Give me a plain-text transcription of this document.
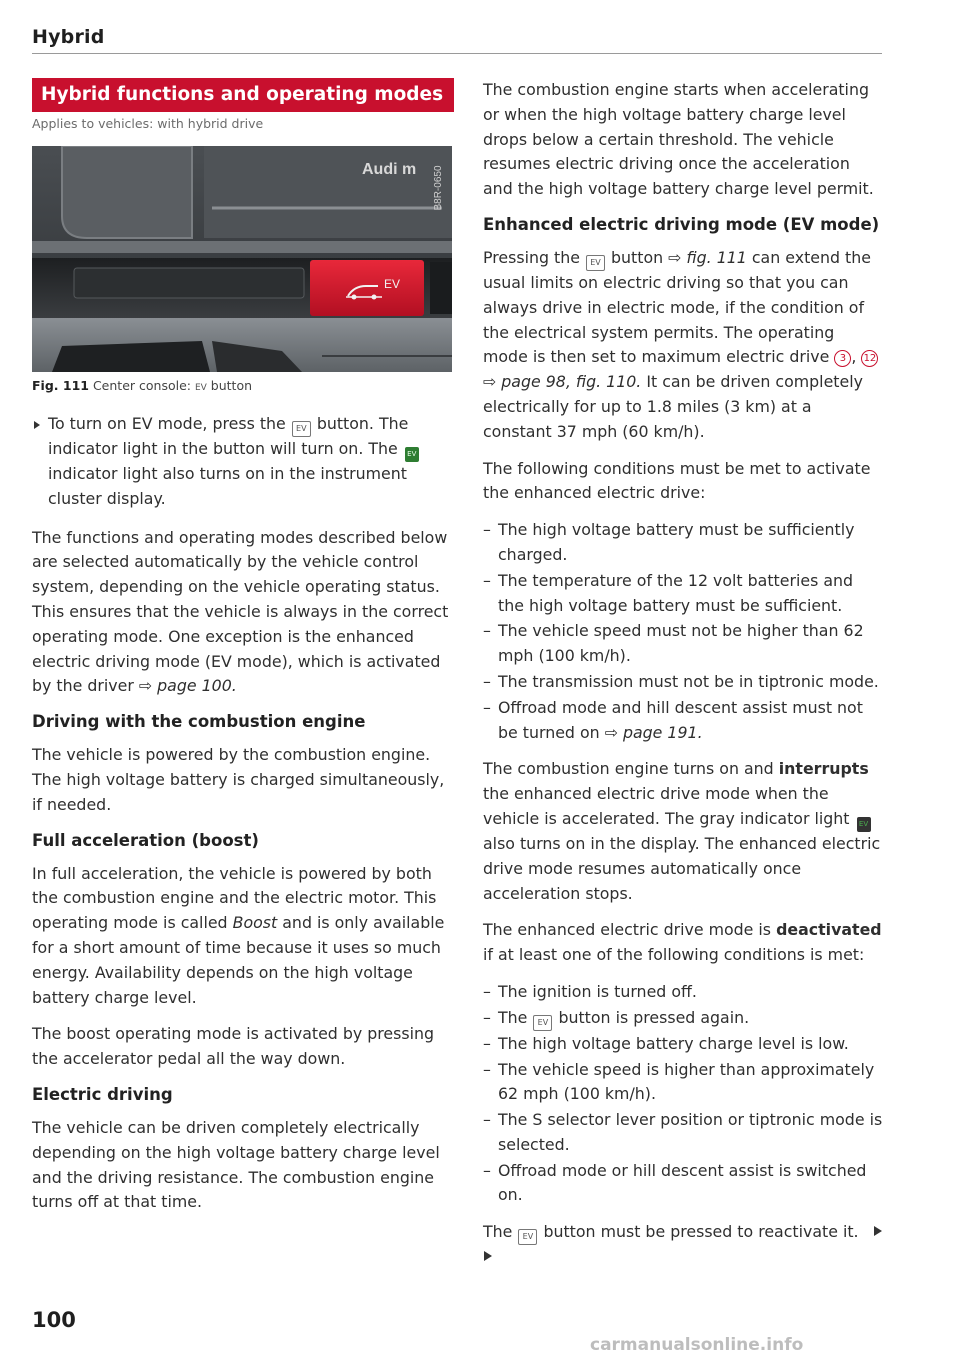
Hybrid
Hybrid functions and operating modes
Applies to vehicles: with hybrid drive
Audi m B8R-0650
EV
Fig. 111 Center console: EV button
To turn on EV mode, press the EV button. The indicator light in the button will turn on. The EV indicator light also turns on in the instrument cluster display.

The functions and operating modes described below are selected automatically by the vehicle control system, depending on the vehicle operating status. This ensures that the vehicle is always in the correct operating mode. One exception is the enhanced electric driving mode (EV mode), which is activated by the driver ⇨ page 100.

Driving with the combustion engine

The vehicle is powered by the combustion engine. The high voltage battery is charged simultaneously, if needed.

Full acceleration (boost)

In full acceleration, the vehicle is powered by both the combustion engine and the electric motor. This operating mode is called Boost and is only available for a short amount of time because it uses so much energy. Availability depends on the high voltage battery charge level.

The boost operating mode is activated by pressing the accelerator pedal all the way down.

Electric driving

The vehicle can be driven completely electrically depending on the high voltage battery charge level and the driving resistance. The combustion engine turns off at that time.

The combustion engine starts when accelerating or when the high voltage battery charge level drops below a certain threshold. The vehicle resumes electric driving once the acceleration and the high voltage battery charge level permit.

Enhanced electric driving mode (EV mode)

Pressing the EV button ⇨ fig. 111 can extend the usual limits on electric driving so that you can always drive in electric mode, if the condition of the electrical system permits. The operating mode is then set to maximum electric drive 3 , 12 ⇨ page 98, fig. 110. It can be driven completely electrically for up to 1.8 miles (3 km) at a constant 37 mph (60 km/h).

The following conditions must be met to activate the enhanced electric drive:

– The high voltage battery must be sufficiently charged.
– The temperature of the 12 volt batteries and the high voltage battery must be sufficient.
– The vehicle speed must not be higher than 62 mph (100 km/h).
– The transmission must not be in tiptronic mode.
– Offroad mode and hill descent assist must not be turned on ⇨ page 191.

The combustion engine turns on and interrupts the enhanced electric drive mode when the vehicle is accelerated. The gray indicator light EV also turns on in the display. The enhanced electric drive mode resumes automatically once acceleration stops.

The enhanced electric drive mode is deactivated if at least one of the following conditions is met:

– The ignition is turned off.
– The EV button is pressed again.
– The high voltage battery charge level is low.
– The vehicle speed is higher than approximately 62 mph (100 km/h).
– The S selector lever position or tiptronic mode is selected.
– Offroad mode or hill descent assist is switched on.

The EV button must be pressed to reactivate it.

100
carmanualsonline.info
